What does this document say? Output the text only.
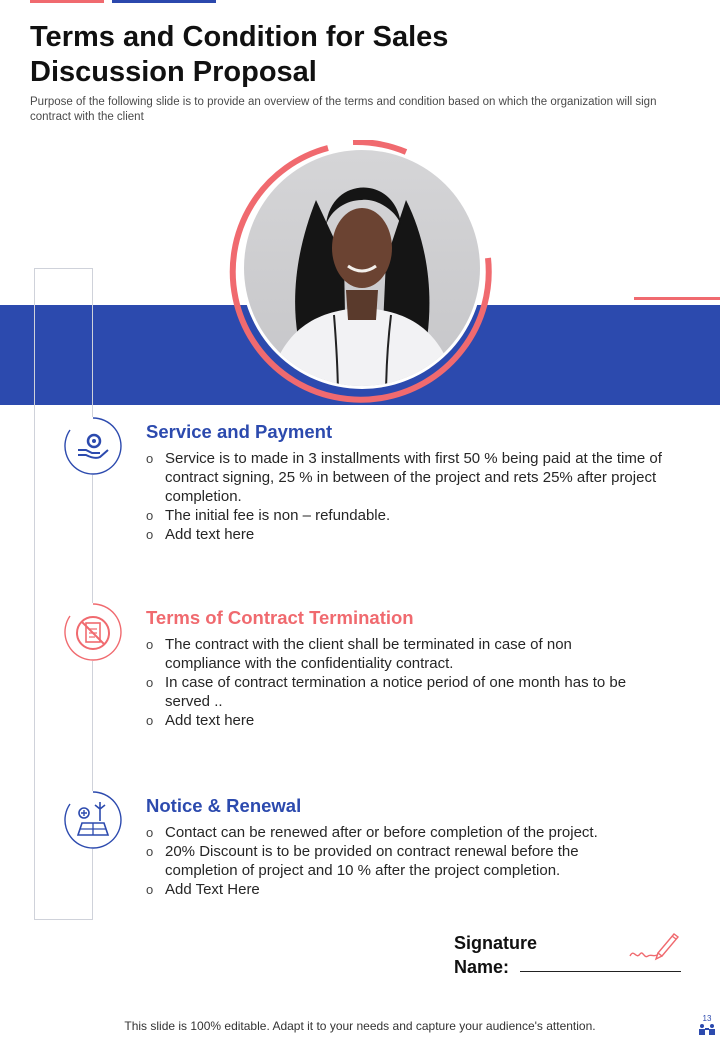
Terms and Condition for Sales Discussion Proposal

Purpose of the following slide is to provide an overview of the terms and condition based on which the organization will sign contract with the client

Service and Payment
o Service is to made in 3 installments with first 50 % being paid at the time of contract signing, 25 % in between of the project and rets 25% after project completion.
o The initial fee is non – refundable.
o Add text here
Terms of Contract Termination
o The contract with the client shall be terminated in case of non compliance with the confidentiality contract.
o In case of contract termination a notice period of one month has to be served ..
o Add text here
Notice & Renewal
o Contact can be renewed after or before completion of the project.
o 20% Discount is to be provided on contract renewal before the completion of project and 10 % after the project completion.
o Add Text Here
Signature
Name:
This slide is 100% editable. Adapt it to your needs and capture your audience's attention.
13
